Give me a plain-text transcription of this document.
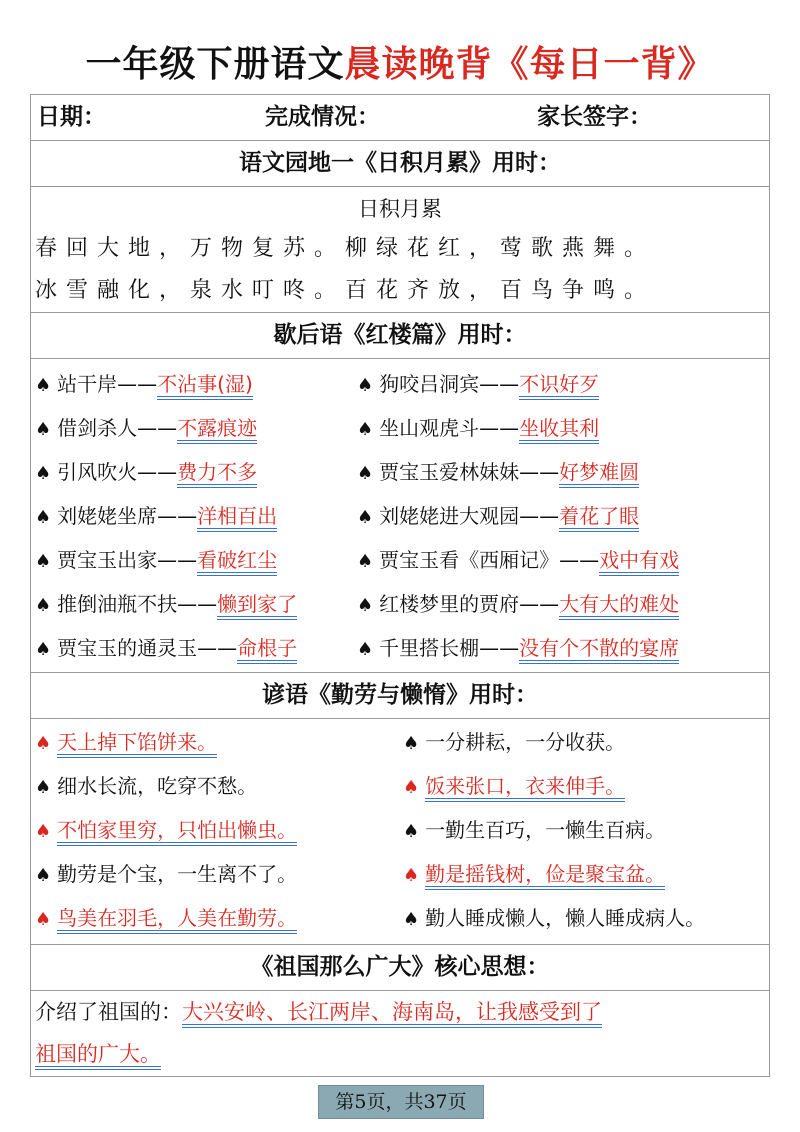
一年级下册语文晨读晚背《每日一背》
日期：	完成情况：	家长签字：
语文园地一《日积月累》用时：
日积月累
春回大地，万物复苏。柳绿花红，莺歌燕舞。
冰雪融化，泉水叮咚。百花齐放，百鸟争鸣。
歇后语《红楼篇》用时：
♠ 站干岸——不沾事(湿)	♠ 狗咬吕洞宾——不识好歹
♠ 借剑杀人——不露痕迹	♠ 坐山观虎斗——坐收其利
♠ 引风吹火——费力不多	♠ 贾宝玉爱林妹妹——好梦难圆
♠ 刘姥姥坐席——洋相百出	♠ 刘姥姥进大观园——着花了眼
♠ 贾宝玉出家——看破红尘	♠ 贾宝玉看《西厢记》——戏中有戏
♠ 推倒油瓶不扶——懒到家了	♠ 红楼梦里的贾府——大有大的难处
♠ 贾宝玉的通灵玉——命根子	♠ 千里搭长棚——没有个不散的宴席
谚语《勤劳与懒惰》用时：
♠ 天上掉下馅饼来。	♠ 一分耕耘，一分收获。
♠ 细水长流，吃穿不愁。	♠ 饭来张口，衣来伸手。
♠ 不怕家里穷，只怕出懒虫。	♠ 一勤生百巧，一懒生百病。
♠ 勤劳是个宝，一生离不了。	♠ 勤是摇钱树，俭是聚宝盆。
♠ 鸟美在羽毛，人美在勤劳。	♠ 勤人睡成懒人，懒人睡成病人。
《祖国那么广大》核心思想：
介绍了祖国的：大兴安岭、长江两岸、海南岛，让我感受到了
祖国的广大。
第5页，共37页
